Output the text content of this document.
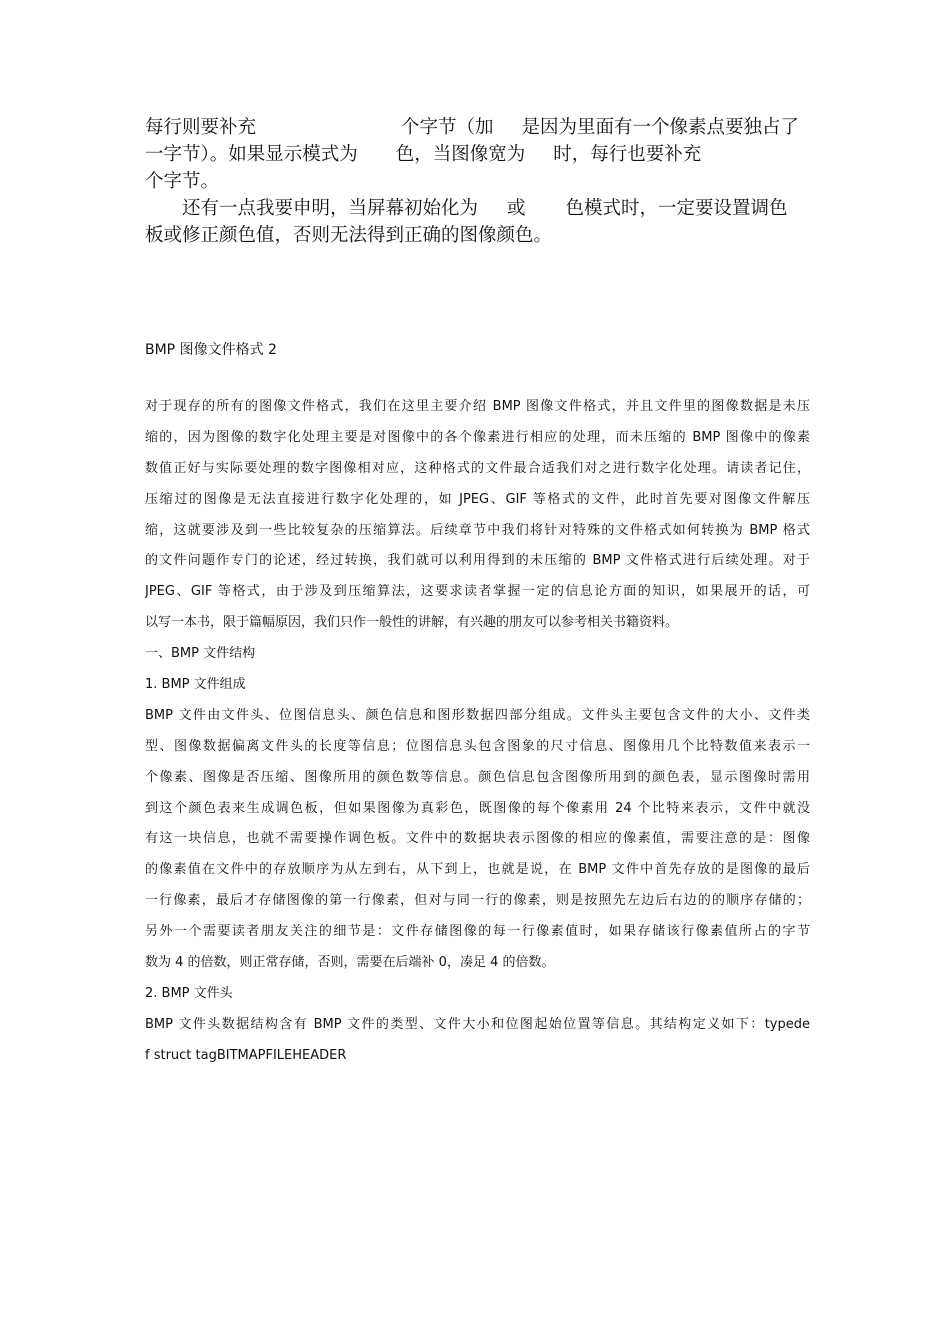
每行则要补充	个字节（加 是因为里面有一个像素点要独占了
一字节）。如果显示模式为 色，当图像宽为 时，每行也要补充
个字节。
还有一点我要申明，当屏幕初始化为 或 色模式时，一定要设置调色
板或修正颜色值，否则无法得到正确的图像颜色。
BMP 图像文件格式 2
对于现存的所有的图像文件格式，我们在这里主要介绍 BMP 图像文件格式，并且文件里的图像数据是未压
缩的，因为图像的数字化处理主要是对图像中的各个像素进行相应的处理，而未压缩的 BMP 图像中的像素
数值正好与实际要处理的数字图像相对应，这种格式的文件最合适我们对之进行数字化处理。请读者记住，
压缩过的图像是无法直接进行数字化处理的，如 JPEG、GIF 等格式的文件，此时首先要对图像文件解压
缩，这就要涉及到一些比较复杂的压缩算法。后续章节中我们将针对特殊的文件格式如何转换为 BMP 格式
的文件问题作专门的论述，经过转换，我们就可以利用得到的未压缩的 BMP 文件格式进行后续处理。对于
JPEG、GIF 等格式，由于涉及到压缩算法，这要求读者掌握一定的信息论方面的知识，如果展开的话，可
以写一本书，限于篇幅原因，我们只作一般性的讲解，有兴趣的朋友可以参考相关书籍资料。
一、BMP 文件结构
1. BMP 文件组成
BMP 文件由文件头、位图信息头、颜色信息和图形数据四部分组成。文件头主要包含文件的大小、文件类
型、图像数据偏离文件头的长度等信息；位图信息头包含图象的尺寸信息、图像用几个比特数值来表示一
个像素、图像是否压缩、图像所用的颜色数等信息。颜色信息包含图像所用到的颜色表，显示图像时需用
到这个颜色表来生成调色板，但如果图像为真彩色，既图像的每个像素用 24 个比特来表示，文件中就没
有这一块信息，也就不需要操作调色板。文件中的数据块表示图像的相应的像素值，需要注意的是：图像
的像素值在文件中的存放顺序为从左到右，从下到上，也就是说，在 BMP 文件中首先存放的是图像的最后
一行像素，最后才存储图像的第一行像素，但对与同一行的像素，则是按照先左边后右边的的顺序存储的；
另外一个需要读者朋友关注的细节是：文件存储图像的每一行像素值时，如果存储该行像素值所占的字节
数为 4 的倍数，则正常存储，否则，需要在后端补 0，凑足 4 的倍数。
2. BMP 文件头
BMP 文件头数据结构含有 BMP 文件的类型、文件大小和位图起始位置等信息。其结构定义如下：typede
f struct tagBITMAPFILEHEADER
